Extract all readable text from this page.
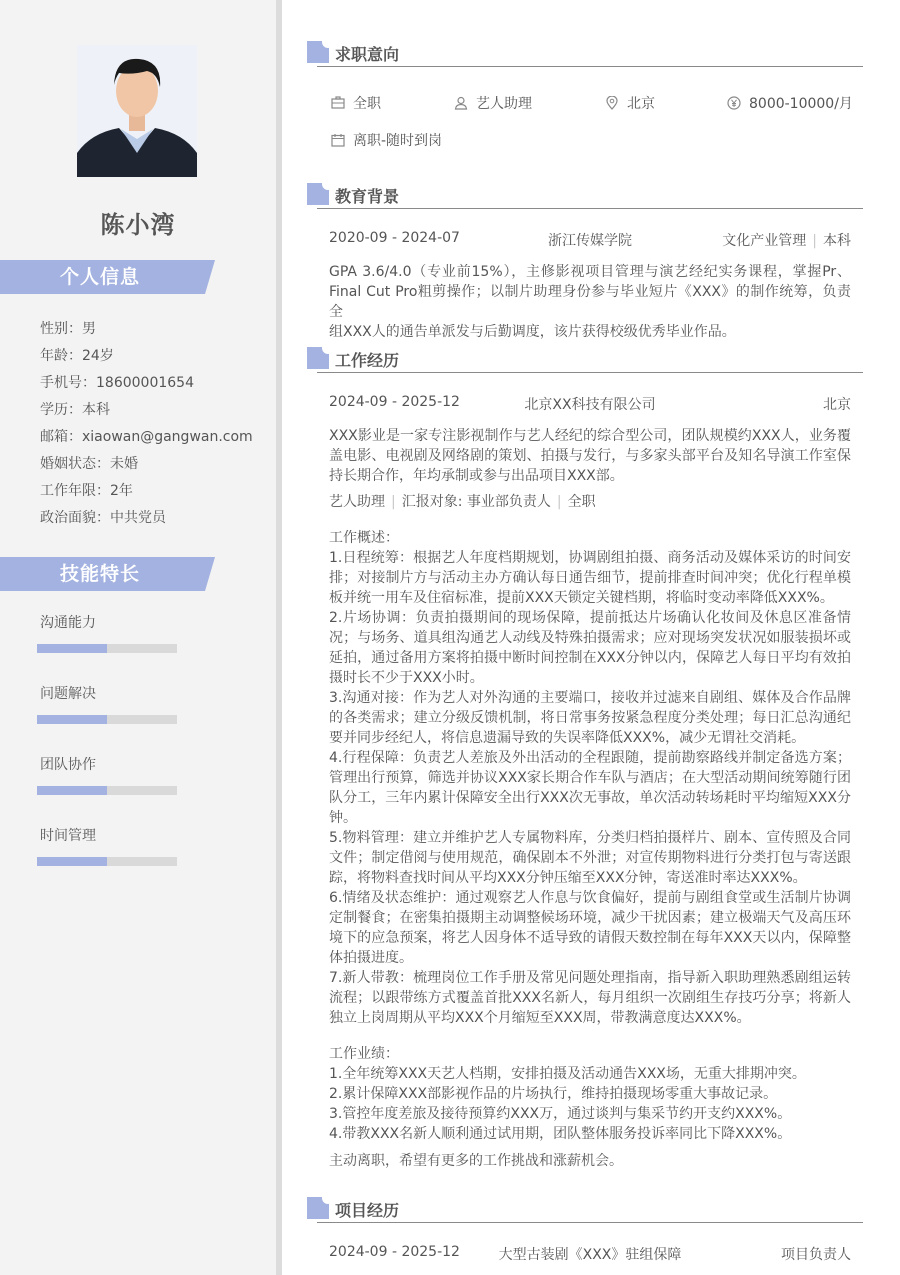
陈小湾
个人信息
性别：男
年龄：24岁
手机号：18600001654
学历：本科
邮箱：xiaowan@gangwan.com
婚姻状态：未婚
工作年限：2年
政治面貌：中共党员
技能特长
沟通能力
问题解决
团队协作
时间管理
求职意向
全职	艺人助理	北京	8000-10000/月
离职-随时到岗
教育背景
2020-09 - 2024-07	浙江传媒学院	文化产业管理 | 本科
GPA 3.6/4.0（专业前15%），主修影视项目管理与演艺经纪实务课程，掌握Pr、
Final Cut Pro粗剪操作；以制片助理身份参与毕业短片《XXX》的制作统筹，负责全
组XXX人的通告单派发与后勤调度，该片获得校级优秀毕业作品。
工作经历
2024-09 - 2025-12	北京XX科技有限公司	北京
XXX影业是一家专注影视制作与艺人经纪的综合型公司，团队规模约XXX人，业务覆
盖电影、电视剧及网络剧的策划、拍摄与发行，与多家头部平台及知名导演工作室保
持长期合作，年均承制或参与出品项目XXX部。
艺人助理 | 汇报对象: 事业部负责人 | 全职
工作概述：
1.日程统筹：根据艺人年度档期规划，协调剧组拍摄、商务活动及媒体采访的时间安
排；对接制片方与活动主办方确认每日通告细节，提前排查时间冲突；优化行程单模
板并统一用车及住宿标准，提前XXX天锁定关键档期，将临时变动率降低XXX%。
2.片场协调：负责拍摄期间的现场保障，提前抵达片场确认化妆间及休息区准备情
况；与场务、道具组沟通艺人动线及特殊拍摄需求；应对现场突发状况如服装损坏或
延拍，通过备用方案将拍摄中断时间控制在XXX分钟以内，保障艺人每日平均有效拍
摄时长不少于XXX小时。
3.沟通对接：作为艺人对外沟通的主要端口，接收并过滤来自剧组、媒体及合作品牌
的各类需求；建立分级反馈机制，将日常事务按紧急程度分类处理；每日汇总沟通纪
要并同步经纪人，将信息遗漏导致的失误率降低XXX%，减少无谓社交消耗。
4.行程保障：负责艺人差旅及外出活动的全程跟随，提前勘察路线并制定备选方案；
管理出行预算，筛选并协议XXX家长期合作车队与酒店；在大型活动期间统筹随行团
队分工，三年内累计保障安全出行XXX次无事故，单次活动转场耗时平均缩短XXX分
钟。
5.物料管理：建立并维护艺人专属物料库，分类归档拍摄样片、剧本、宣传照及合同
文件；制定借阅与使用规范，确保剧本不外泄；对宣传期物料进行分类打包与寄送跟
踪，将物料查找时间从平均XXX分钟压缩至XXX分钟，寄送准时率达XXX%。
6.情绪及状态维护：通过观察艺人作息与饮食偏好，提前与剧组食堂或生活制片协调
定制餐食；在密集拍摄期主动调整候场环境，减少干扰因素；建立极端天气及高压环
境下的应急预案，将艺人因身体不适导致的请假天数控制在每年XXX天以内，保障整
体拍摄进度。
7.新人带教：梳理岗位工作手册及常见问题处理指南，指导新入职助理熟悉剧组运转
流程；以跟带练方式覆盖首批XXX名新人，每月组织一次剧组生存技巧分享；将新人
独立上岗周期从平均XXX个月缩短至XXX周，带教满意度达XXX%。
工作业绩：
1.全年统筹XXX天艺人档期，安排拍摄及活动通告XXX场，无重大排期冲突。
2.累计保障XXX部影视作品的片场执行，维持拍摄现场零重大事故记录。
3.管控年度差旅及接待预算约XXX万，通过谈判与集采节约开支约XXX%。
4.带教XXX名新人顺利通过试用期，团队整体服务投诉率同比下降XXX%。
主动离职，希望有更多的工作挑战和涨薪机会。
项目经历
2024-09 - 2025-12	大型古装剧《XXX》驻组保障	项目负责人
